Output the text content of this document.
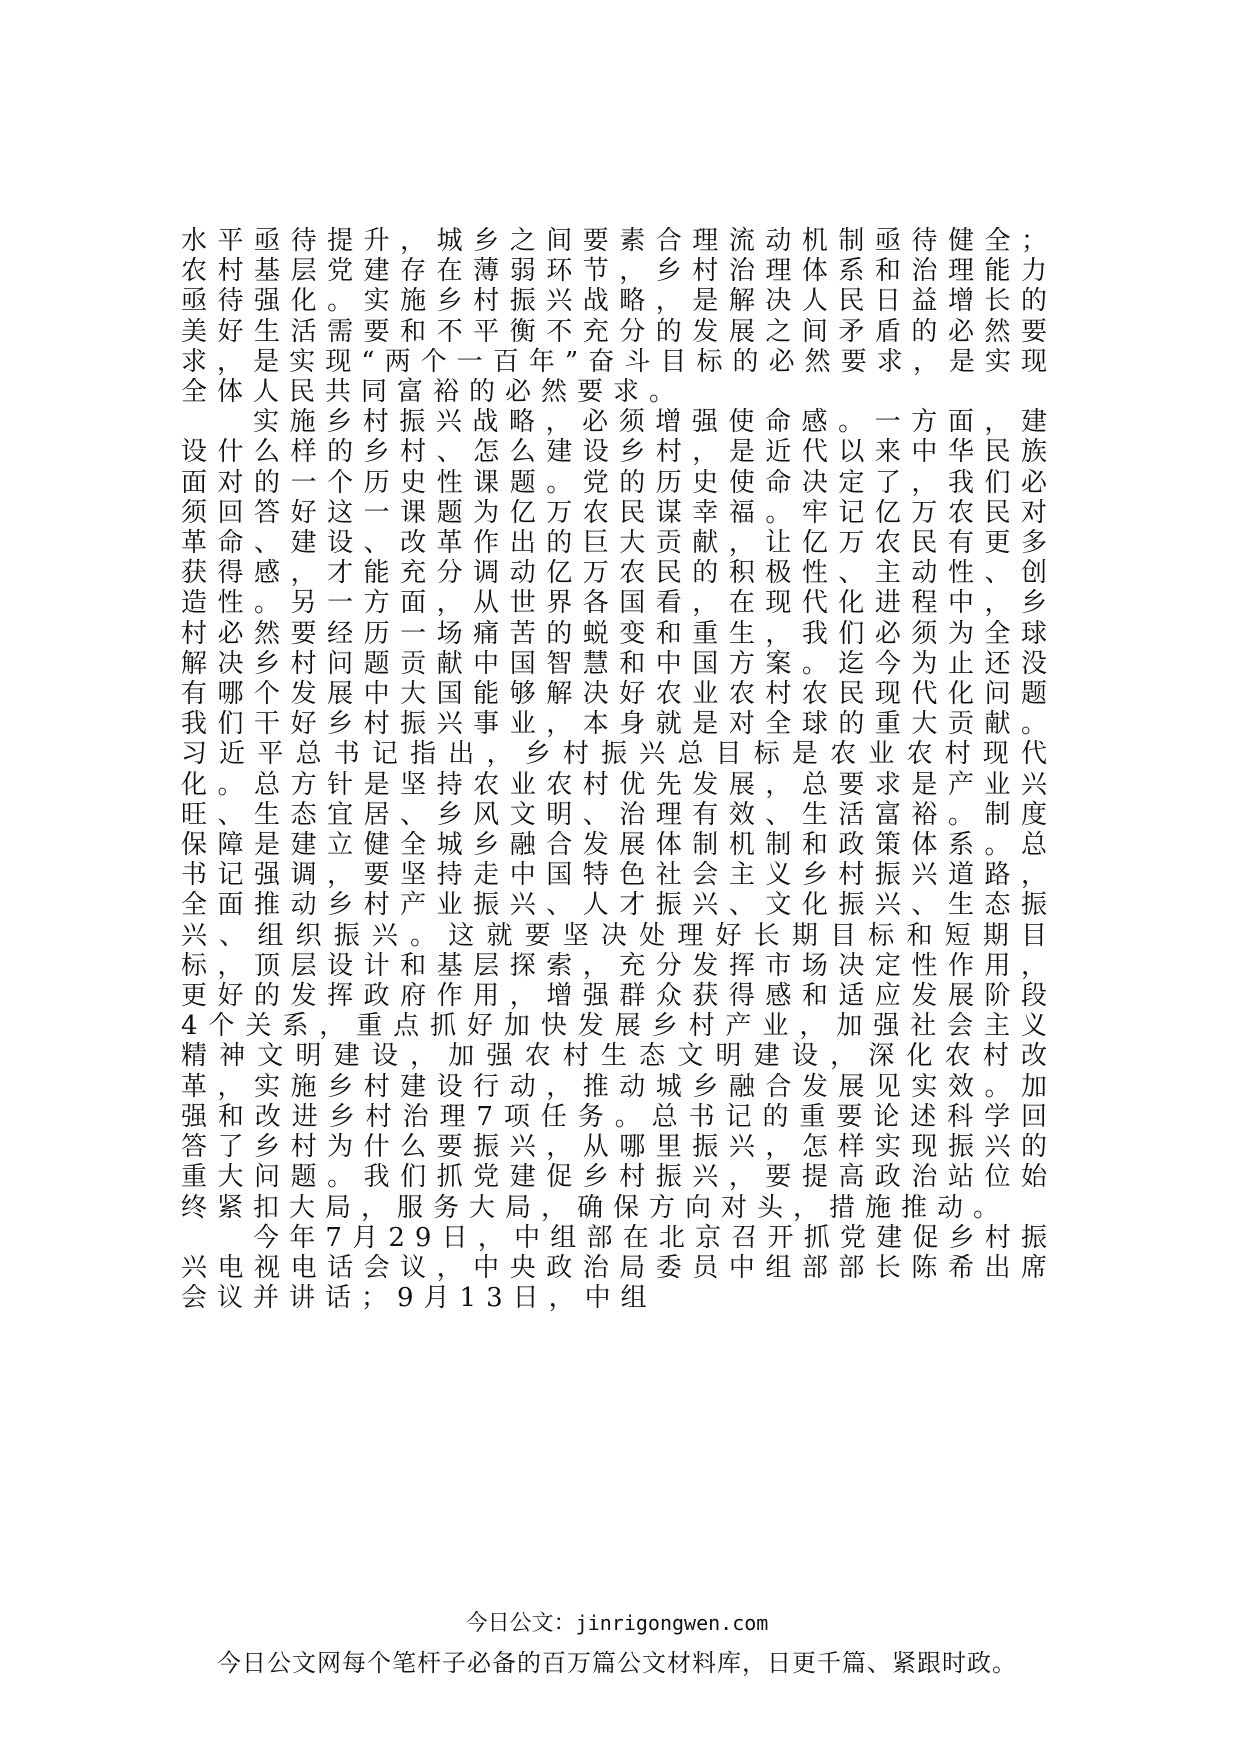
水平亟待提升，城乡之间要素合理流动机制亟待健全；农村基层党建存在薄弱环节，乡村治理体系和治理能力亟待强化。实施乡村振兴战略，是解决人民日益增长的美好生活需要和不平衡不充分的发展之间矛盾的必然要求，是实现“两个一百年”奋斗目标的必然要求，是实现全体人民共同富裕的必然要求。

实施乡村振兴战略，必须增强使命感。一方面，建设什么样的乡村、怎么建设乡村，是近代以来中华民族面对的一个历史性课题。党的历史使命决定了，我们必须回答好这一课题为亿万农民谋幸福。牢记亿万农民对革命、建设、改革作出的巨大贡献，让亿万农民有更多获得感，才能充分调动亿万农民的积极性、主动性、创造性。另一方面，从世界各国看，在现代化进程中，乡村必然要经历一场痛苦的蜕变和重生，我们必须为全球解决乡村问题贡献中国智慧和中国方案。迄今为止还没有哪个发展中大国能够解决好农业农村农民现代化问题我们干好乡村振兴事业，本身就是对全球的重大贡献。习近平总书记指出，乡村振兴总目标是农业农村现代化。总方针是坚持农业农村优先发展，总要求是产业兴旺、生态宜居、乡风文明、治理有效、生活富裕。制度保障是建立健全城乡融合发展体制机制和政策体系。总书记强调，要坚持走中国特色社会主义乡村振兴道路，全面推动乡村产业振兴、人才振兴、文化振兴、生态振兴、组织振兴。这就要坚决处理好长期目标和短期目标，顶层设计和基层探索，充分发挥市场决定性作用，更好的发挥政府作用，增强群众获得感和适应发展阶段4个关系，重点抓好加快发展乡村产业，加强社会主义精神文明建设，加强农村生态文明建设，深化农村改革，实施乡村建设行动，推动城乡融合发展见实效。加强和改进乡村治理7项任务。总书记的重要论述科学回答了乡村为什么要振兴，从哪里振兴，怎样实现振兴的重大问题。我们抓党建促乡村振兴，要提高政治站位始终紧扣大局，服务大局，确保方向对头，措施推动。

今年7月29日，中组部在北京召开抓党建促乡村振兴电视电话会议，中央政治局委员中组部部长陈希出席会议并讲话；9月13日，中组

今日公文：jinrigongwen.com
今日公文网每个笔杆子必备的百万篇公文材料库，日更千篇、紧跟时政。
